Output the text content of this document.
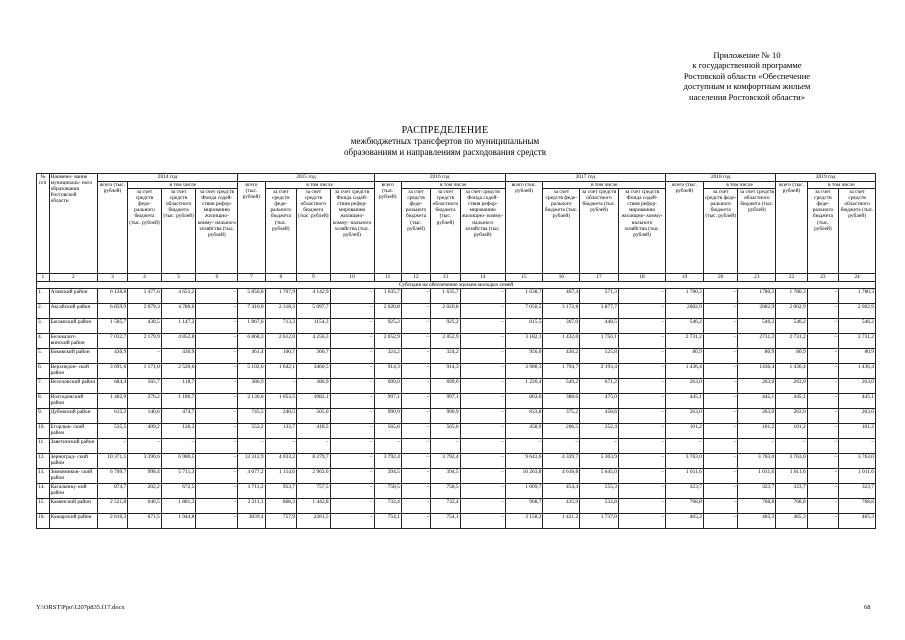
Приложение № 10
к государственной программе
Ростовской области «Обеспечение
доступным и комфортным жильем
населения Ростовской области»
РАСПРЕДЕЛЕНИЕ
межбюджетных трансфертов по муниципальным
образованиям и направлениям расходования средств
№ п/п	Наимено- вание муниципаль- ного образования Ростовской области	2014 год				2015 год				2016 год				2017 год				2018 год			2019 год		
		всего (тыс. рублей)	в том числе			всего (тыс. рублей)	в том числе			всего (тыс. рублей)	в том числе			всего (тыс. рублей)	в том числе			всего (тыс. рублей)	в том числе		всего (тыс. рублей)	в том числе	
			за счет средств феде- рального бюджета (тыс. рублей)	за счет средств областного бюджета (тыс. рублей)	за счет средств Фонда содей- ствия рефор- мированию жилищно- комму- нального хозяйства (тыс. рублей)		за счет средств феде- рального бюджета (тыс. рублей)	за счет средств областного бюджета (тыс. рублей)	за счет средств Фонда содей- ствия рефор- мированию жилищно- комму- нального хозяйства (тыс. рублей)		за счет средств феде- рального бюджета (тыс. рублей)	за счет средств областного бюджета (тыс. рублей)	за счет средств Фонда содей- ствия рефор- мированию жилищно- комму- нального хозяйства (тыс. рублей)		за счет средств феде- рального бюджета (тыс. рублей)	за счет средств областного бюджета (тыс. рублей)	за счет средств Фонда содей- ствия рефор- мированию жилищно- комму- нального хозяйства (тыс. рублей)		за счет средств феде- рального бюджета (тыс. рублей)	за счет средств областного бюджета (тыс. рублей)		за счет средств феде- рального бюджета (тыс. рублей)	за счет средств областного бюджета (тыс. рублей)
1	2	3	4	5	6	7	8	9	10	11	12	13	14	15	16	17	18	19	20	21	22	23	24
Субсидия на обеспечение жильем молодых семей																							
1.	Азовский район	6 128,8	1 477,6	4 651,2	–	5 850,8	1 707,9	4 142,9	–	1 635,7	–	1 635,7	–	1 038,7	467,4	571,3	–	1 780,3	–	1780,3	1 780,3	–	1 780,3
2.	Аксайский район	6 859,9	2 079,3	4 780,6	–	7 416,0	2 318,3	5 097,7	–	2 020,8	–	2 020,8	–	7 050,5	3 172,8	3 877,7	–	2002,9	–	2002,9	2 002,9	–	2 002,9
3.	Багаевский район	1 585,7	438,5	1 147,2	–	1 867,6	713,3	1154,3	–	925,2	–	925,2	–	815,5	367,0	448,5	–	546,2	–	546,2	546,2	–	546,2
4.	Белокалит- винский район	7 032,7	2 179,9	4 852,8	–	6 868,3	2 612,0	4 256,3	–	2 052,9	–	2 052,9	–	3 182,1	1 432,0	1 750,1	–	2 731,2	–	2731,2	2 731,2	–	2 731,2
5.	Боковский район	436,9	–	436,9	–	461,4	100,7	360,7	–	324,2	–	324,2	–	956,0	430,2	525,8	–	80,9	–	80,9	80,9	–	80,9
6.	Верхнедон- ской район	3 691,6	1 171,0	2 520,6	–	5 102,6	1 642,1	3460,5	–	914,3	–	914,3	–	3 988,3	1 794,7	2 193,4	–	1 436,4	–	1436,4	1 436,4	–	1 436,4
7.	Веселовский район	684,4	565,7	118,7	–	386,9	–	386,9	–	699,0	–	699,0	–	1 220,4	549,2	671,2	–	263,0	–	263,0	263,0	–	263,0
8.	Волгодонский район	1 462,9	276,2	1 186,7	–	2 136,6	1 053,5	1082,1	–	997,1	–	997,1	–	863,6	388,6	475,0	–	445,1	–	445,1	445,1	–	445,1
9.	Дубовский район	615,3	140,6	474,7	–	745,5	240,5	505,0	–	990,9	–	990,9	–	833,8	375,2	458,6	–	263,0	–	263,0	263,0	–	263,0
10.	Егорлык- ский район	535,5	409,2	126,3	–	552,2	133,7	418,5	–	565,6	–	565,6	–	458,9	206,5	252,4	–	101,2	–	101,2	101,2	–	101,2
11.	Заветинский район	–	–	–	–	–	–	–	–	–	–	–	–	–	–	–	–	–	–	–	–	–	–
12.	Зерноград- ский район	10 371,1	3 390,6	6 980,5	–	12 312,9	4 033,2	8 279,7	–	3 792,4	–	3 792,4	–	9 643,6	4 339,7	5 303,9	–	3 763,0	–	3 763,0	3 763,0	–	3 763,0
13.	Зимовников- ский район	6 709,7	998,4	5 711,3	–	4 077,2	1 114,6	2 962,6	–	394,5	–	394,5	–	10 263,8	4 618,8	5 645,0	–	1 011,6	–	1 011,6	1 011,6	–	1 011,6
14.	Кагальниц- кий район	874,7	202,2	672,5	–	1 711,2	953,7	757,5	–	758,5	–	758,5	–	1 009,7	454,4	555,3	–	323,7	–	323,7	323,7	–	323,7
15.	Каменский район	2 521,8	640,5	1 881,3	–	2 311,1	868,3	1 442,8	–	732,4	–	732,4	–	968,7	435,9	532,8	–	768,8	–	768,8	768,8	–	768,8
16.	Кашарский район	2 616,3	671,5	1 944,8	–	3039,4	757,9	2281,5	–	754,1	–	754,1	–	3 158,2	1 421,2	1 737,0	–	465,3	–	465,3	465,3	–	465,3
Y:\ORST\Ppo\1207p835.f17.docx	68
